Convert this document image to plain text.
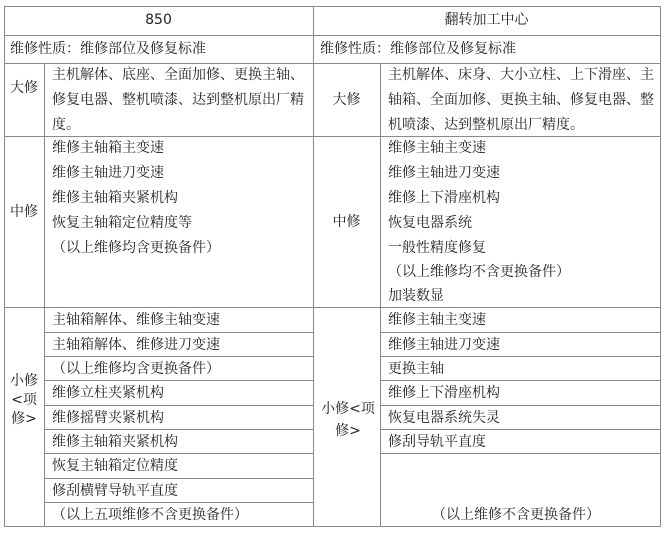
850	翻转加工中心
维修性质：维修部位及修复标准	维修性质：维修部位及修复标准
大修
大修
主机解体、底座、全面加修、更换主轴、修复电器、整机喷漆、达到整机原出厂精度。
主机解体、床身、大小立柱、上下滑座、主轴箱、全面加修、更换主轴、修复电器、整机喷漆、达到整机原出厂精度。
中修
中修
维修主轴箱主变速
维修主轴进刀变速
维修主轴箱夹紧机构
恢复主轴箱定位精度等
（以上维修均含更换备件）
维修主轴主变速
维修主轴进刀变速
维修上下滑座机构
恢复电器系统
一般性精度修复
（以上维修均不含更换备件）
加装数显
小修<项修>
小修<项修>
主轴箱解体、维修主轴变速
主轴箱解体、维修进刀变速
（以上维修均含更换备件）
维修立柱夹紧机构
维修摇臂夹紧机构
维修主轴箱夹紧机构
恢复主轴箱定位精度
修刮横臂导轨平直度
（以上五项维修不含更换备件）
维修主轴主变速
维修主轴进刀变速
更换主轴
维修上下滑座机构
恢复电器系统失灵
修刮导轨平直度
（以上维修不含更换备件）
